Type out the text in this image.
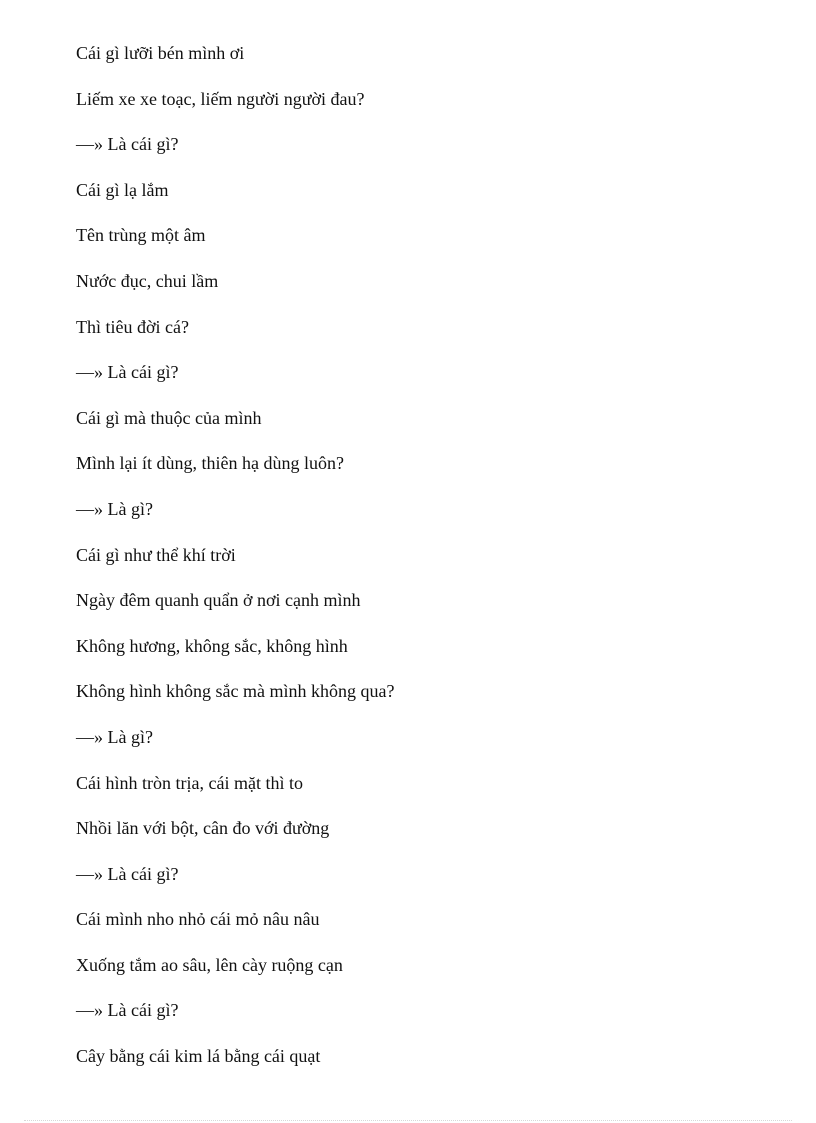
Cái gì lưỡi bén mình ơi
Liếm xe xe toạc, liếm người người đau?
—» Là cái gì?
Cái gì lạ lắm
Tên trùng một âm
Nước đục, chui lầm
Thì tiêu đời cá?
—» Là cái gì?
Cái gì mà thuộc của mình
Mình lại ít dùng, thiên hạ dùng luôn?
—» Là gì?
Cái gì như thể khí trời
Ngày đêm quanh quẩn ở nơi cạnh mình
Không hương, không sắc, không hình
Không hình không sắc mà mình không qua?
—» Là gì?
Cái hình tròn trịa, cái mặt thì to
Nhồi lăn với bột, cân đo với đường
—» Là cái gì?
Cái mình nho nhỏ cái mỏ nâu nâu
Xuống tắm ao sâu, lên cày ruộng cạn
—» Là cái gì?
Cây bằng cái kim lá bằng cái quạt
